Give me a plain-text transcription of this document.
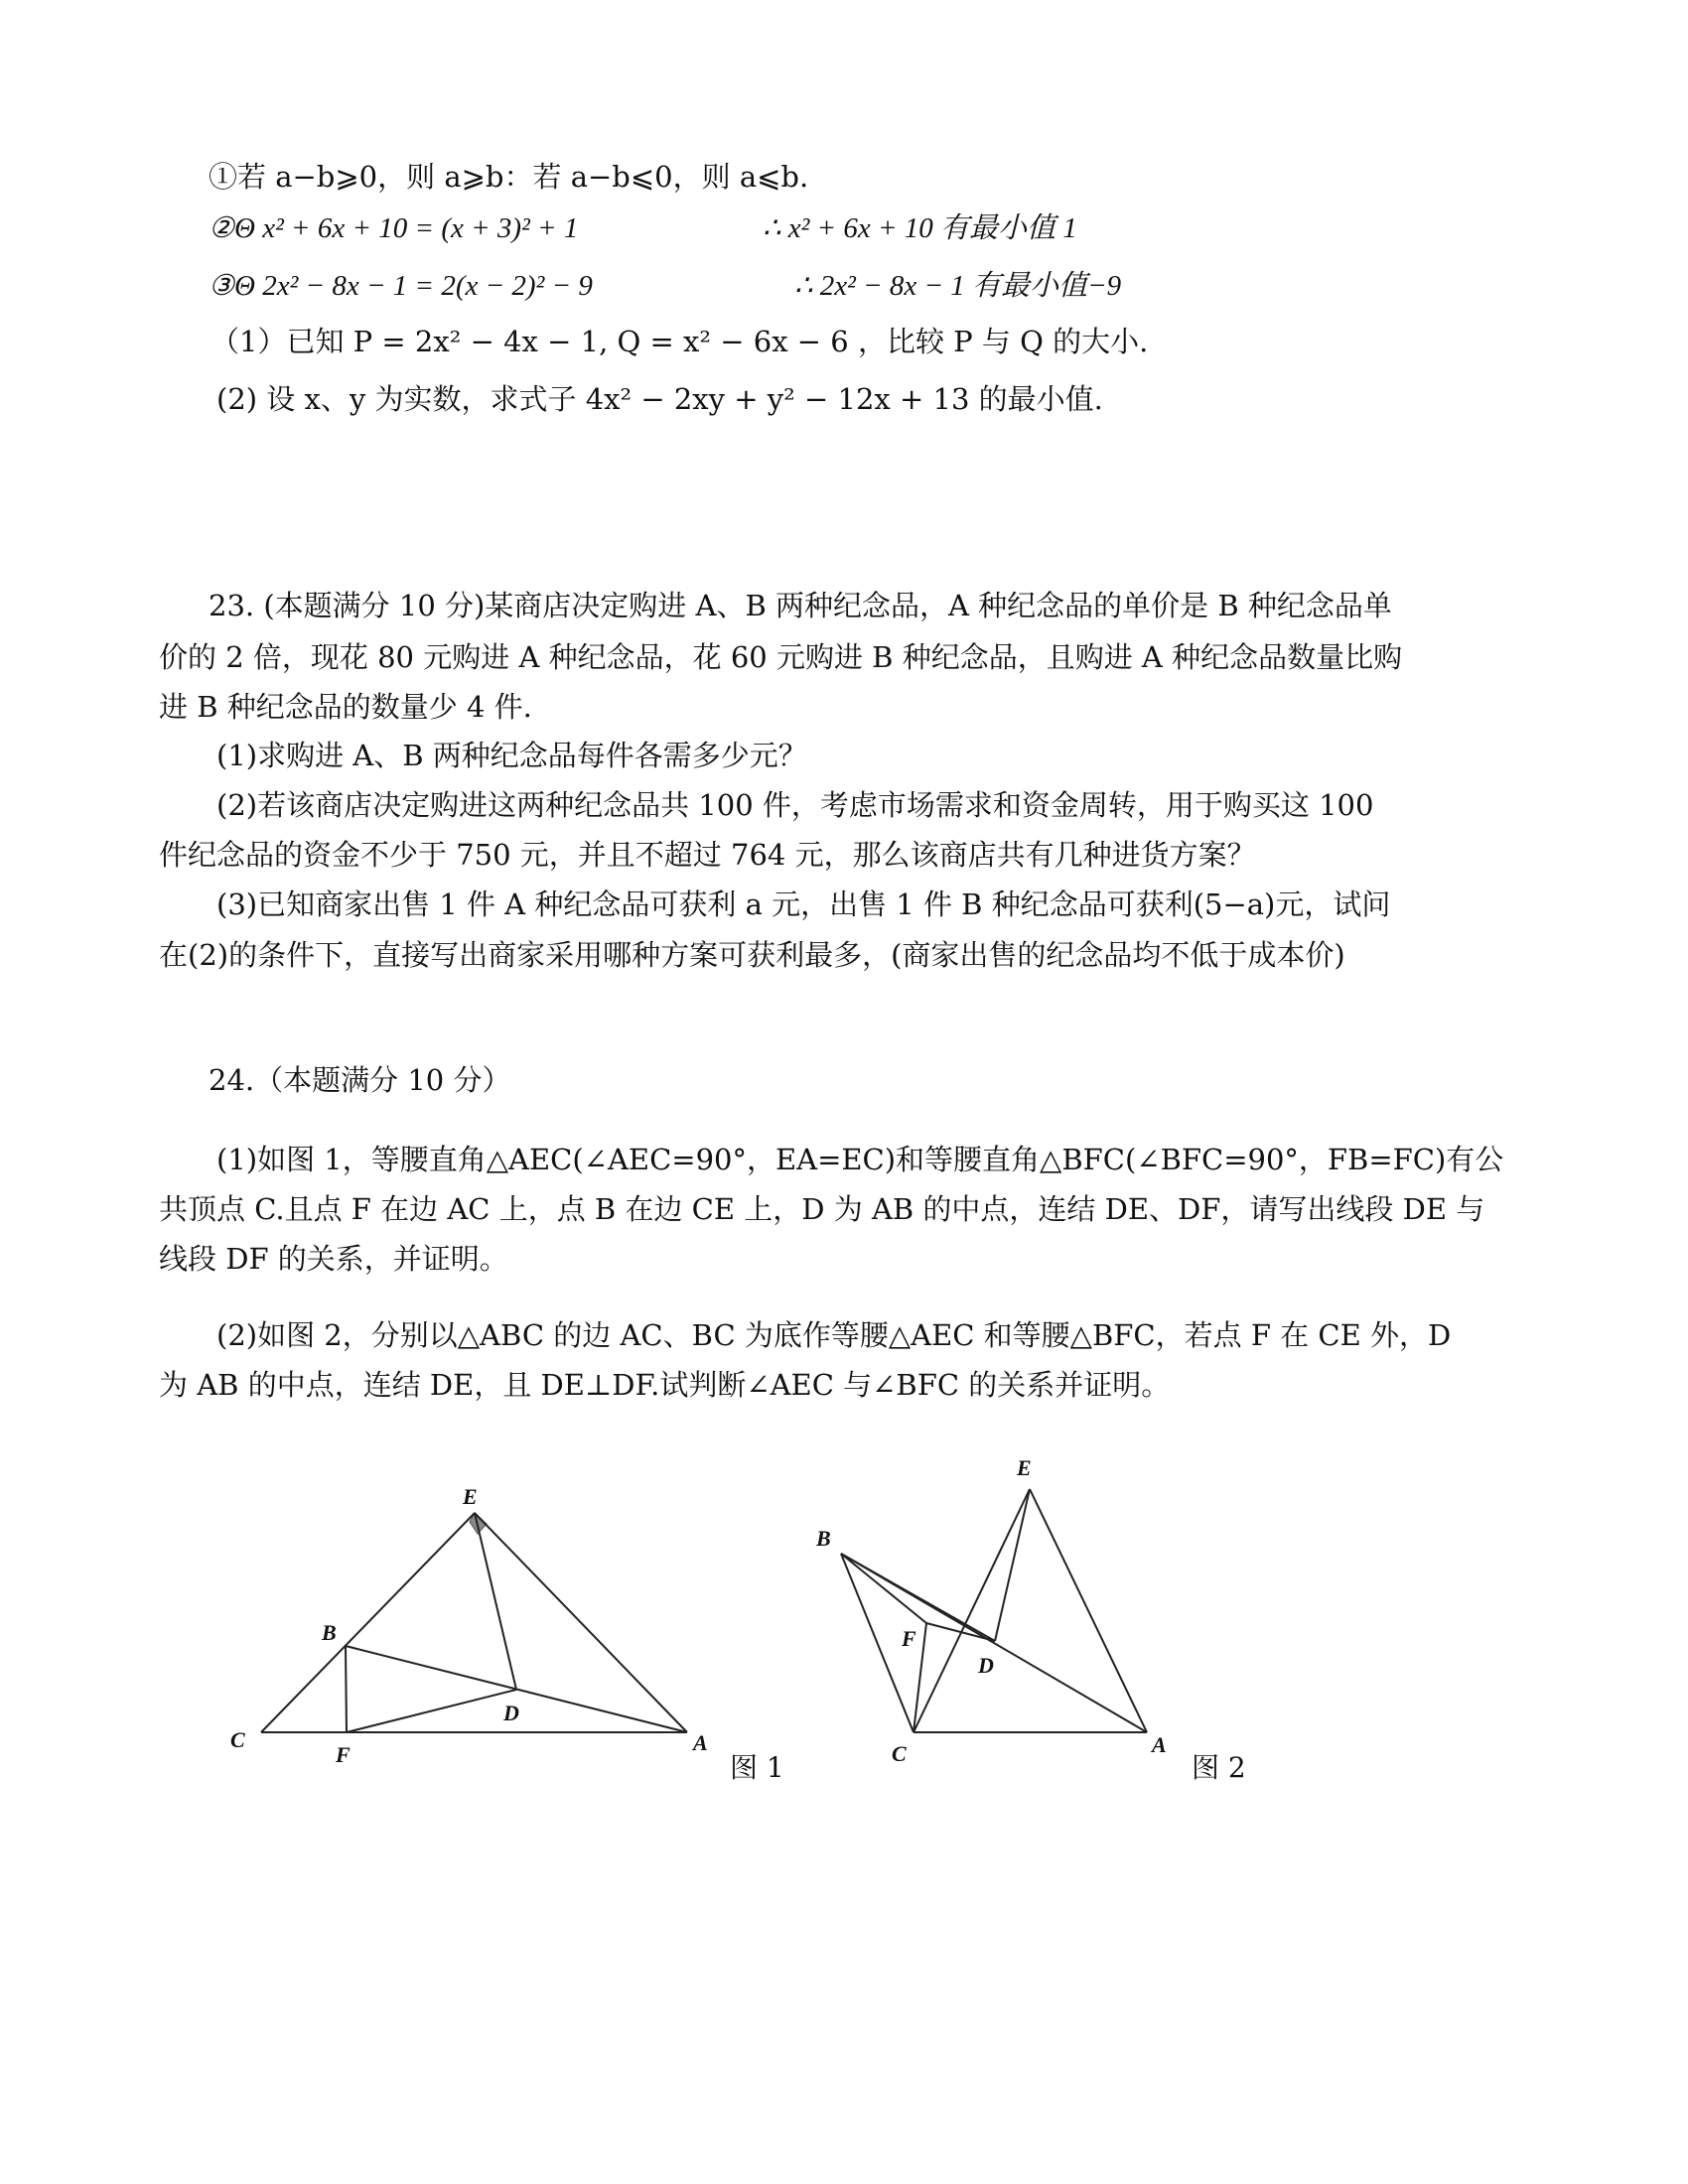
①若 a−b⩾0，则 a⩾b：若 a−b⩽0，则 a⩽b.
②Θ x² + 6x + 10 = (x + 3)² + 1	∴ x² + 6x + 10 有最小值 1
③Θ 2x² − 8x − 1 = 2(x − 2)² − 9	∴ 2x² − 8x − 1 有最小值−9
（1）已知 P = 2x² − 4x − 1, Q = x² − 6x − 6 ，比较 P 与 Q 的大小.
(2) 设 x、y 为实数，求式子 4x² − 2xy + y² − 12x + 13 的最小值.
23. (本题满分 10 分)某商店决定购进 A、B 两种纪念品，A 种纪念品的单价是 B 种纪念品单
价的 2 倍，现花 80 元购进 A 种纪念品，花 60 元购进 B 种纪念品，且购进 A 种纪念品数量比购
进 B 种纪念品的数量少 4 件.
(1)求购进 A、B 两种纪念品每件各需多少元？
(2)若该商店决定购进这两种纪念品共 100 件，考虑市场需求和资金周转，用于购买这 100
件纪念品的资金不少于 750 元，并且不超过 764 元，那么该商店共有几种进货方案？
(3)已知商家出售 1 件 A 种纪念品可获利 a 元，出售 1 件 B 种纪念品可获利(5−a)元，试问
在(2)的条件下，直接写出商家采用哪种方案可获利最多，(商家出售的纪念品均不低于成本价)
24.（本题满分 10 分）
(1)如图 1，等腰直角△AEC(∠AEC=90°，EA=EC)和等腰直角△BFC(∠BFC=90°，FB=FC)有公
共顶点 C.且点 F 在边 AC 上，点 B 在边 CE 上，D 为 AB 的中点，连结 DE、DF，请写出线段 DE 与
线段 DF 的关系，并证明。
(2)如图 2，分别以△ABC 的边 AC、BC 为底作等腰△AEC 和等腰△BFC，若点 F 在 CE 外，D
为 AB 的中点，连结 DE，且 DE⊥DF.试判断∠AEC 与∠BFC 的关系并证明。
E
B
C
F
D
A
图 1
E
B
F
D
C	A
图 2
